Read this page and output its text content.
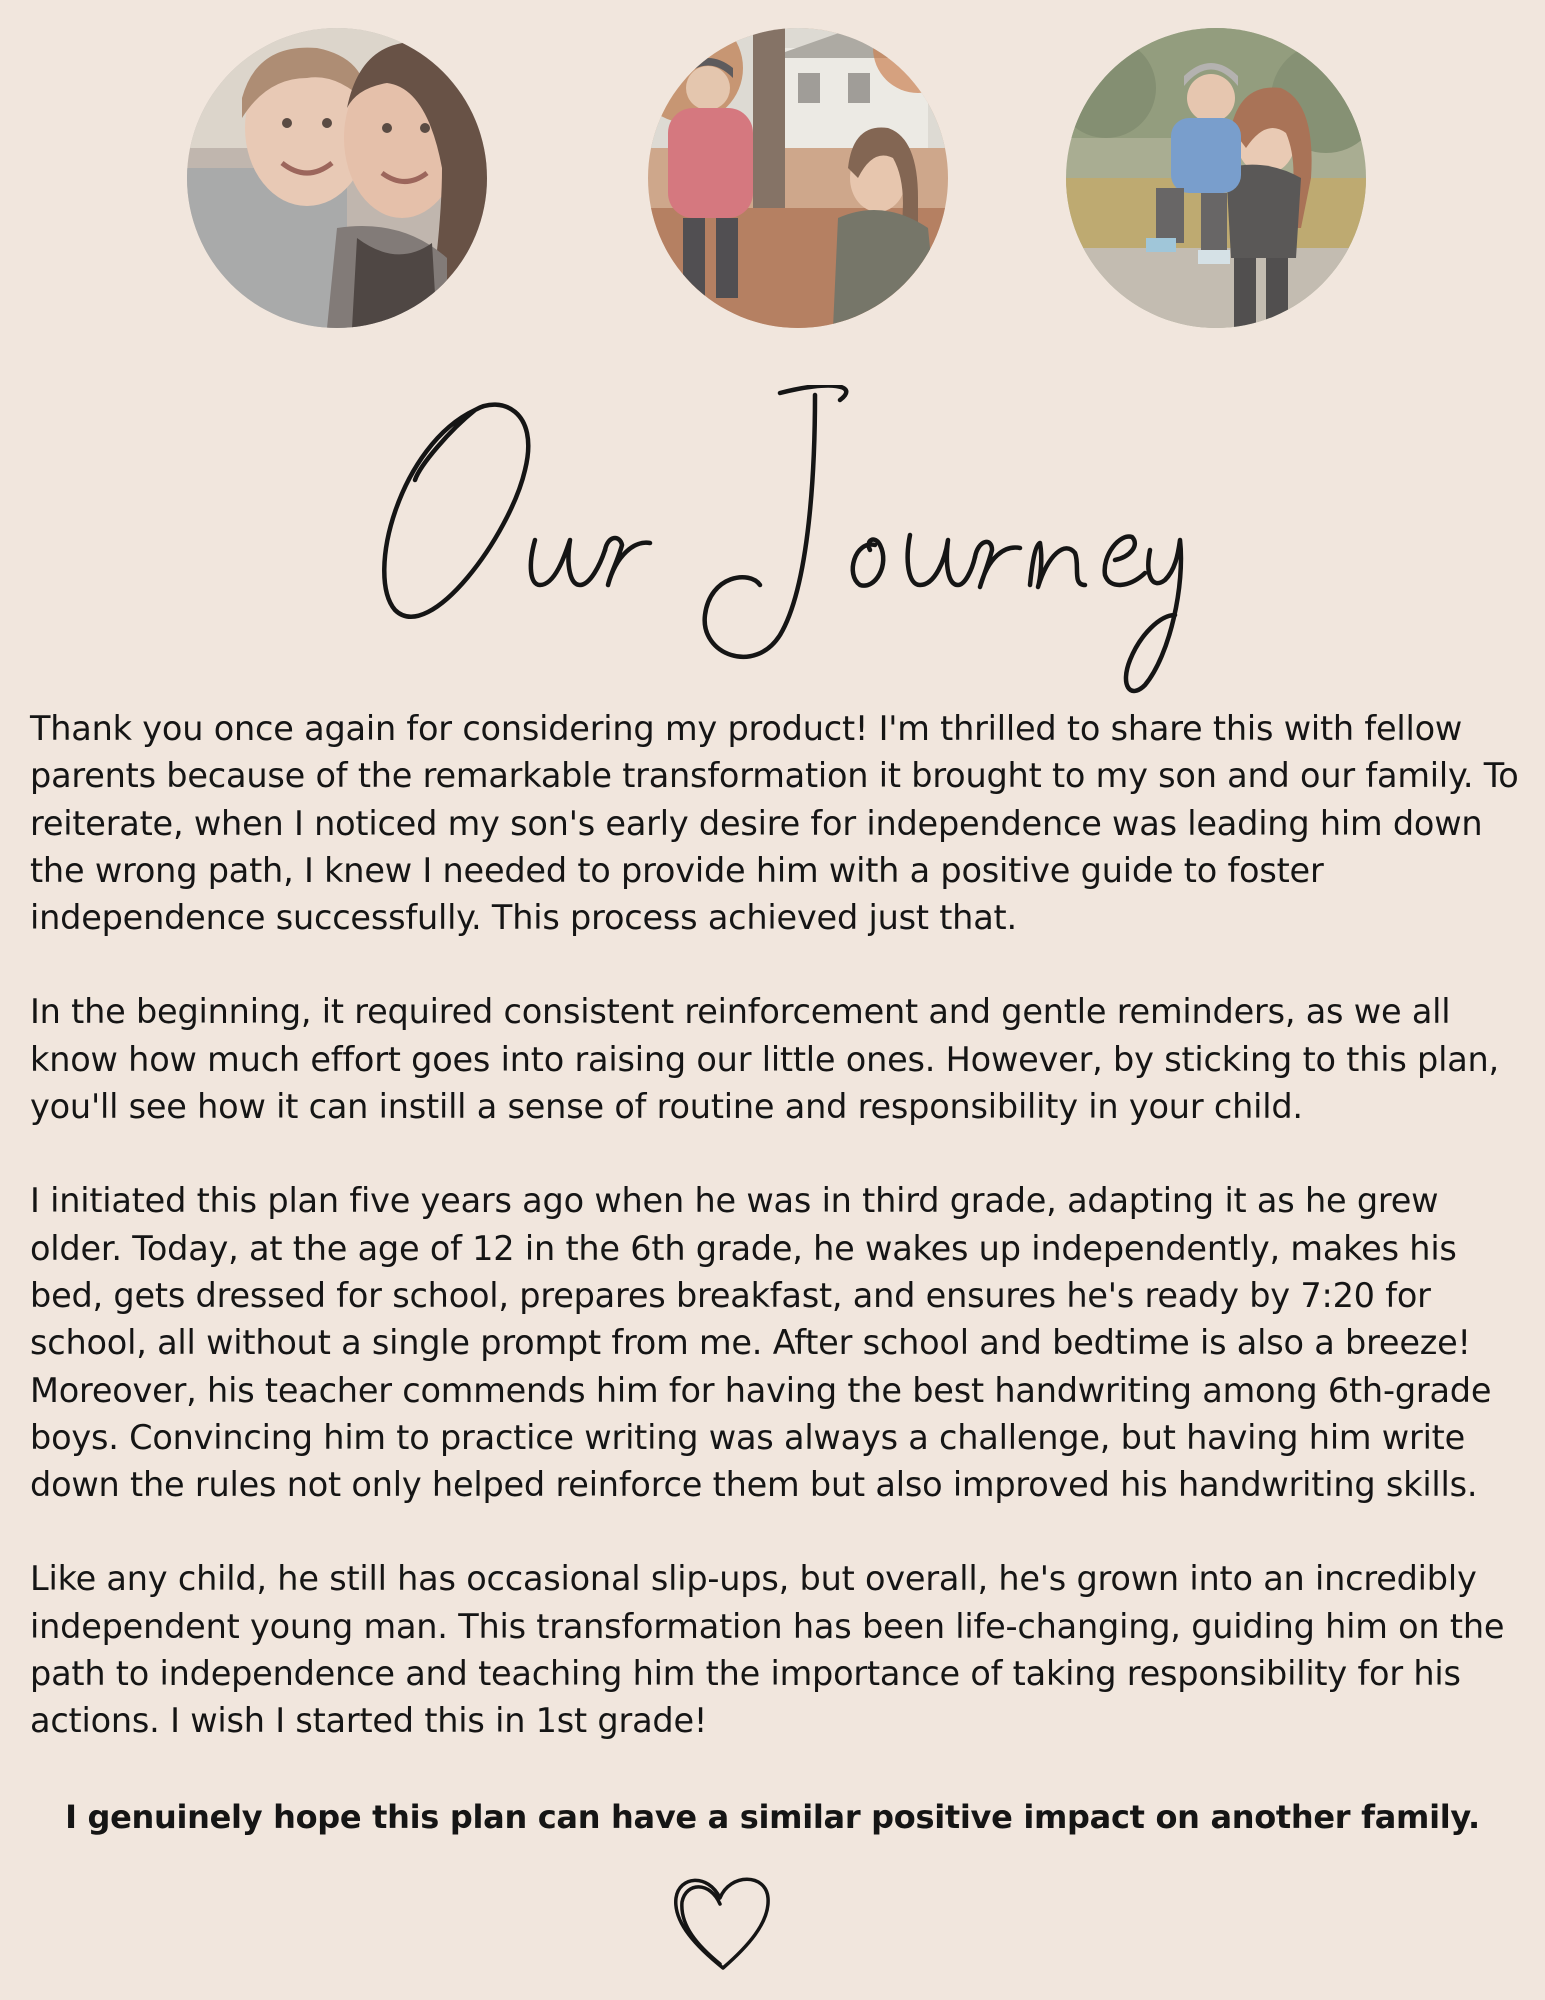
Thank you once again for considering my product! I'm thrilled to share this with fellow parents because of the remarkable transformation it brought to my son and our family. To reiterate, when I noticed my son's early desire for independence was leading him down the wrong path, I knew I needed to provide him with a positive guide to foster independence successfully. This process achieved just that.

In the beginning, it required consistent reinforcement and gentle reminders, as we all know how much effort goes into raising our little ones. However, by sticking to this plan, you'll see how it can instill a sense of routine and responsibility in your child.

I initiated this plan five years ago when he was in third grade, adapting it as he grew older. Today, at the age of 12 in the 6th grade, he wakes up independently, makes his bed, gets dressed for school, prepares breakfast, and ensures he's ready by 7:20 for school, all without a single prompt from me. After school and bedtime is also a breeze! Moreover, his teacher commends him for having the best handwriting among 6th-grade boys. Convincing him to practice writing was always a challenge, but having him write down the rules not only helped reinforce them but also improved his handwriting skills.

Like any child, he still has occasional slip-ups, but overall, he's grown into an incredibly independent young man. This transformation has been life-changing, guiding him on the path to independence and teaching him the importance of taking responsibility for his actions. I wish I started this in 1st grade!

I genuinely hope this plan can have a similar positive impact on another family.
